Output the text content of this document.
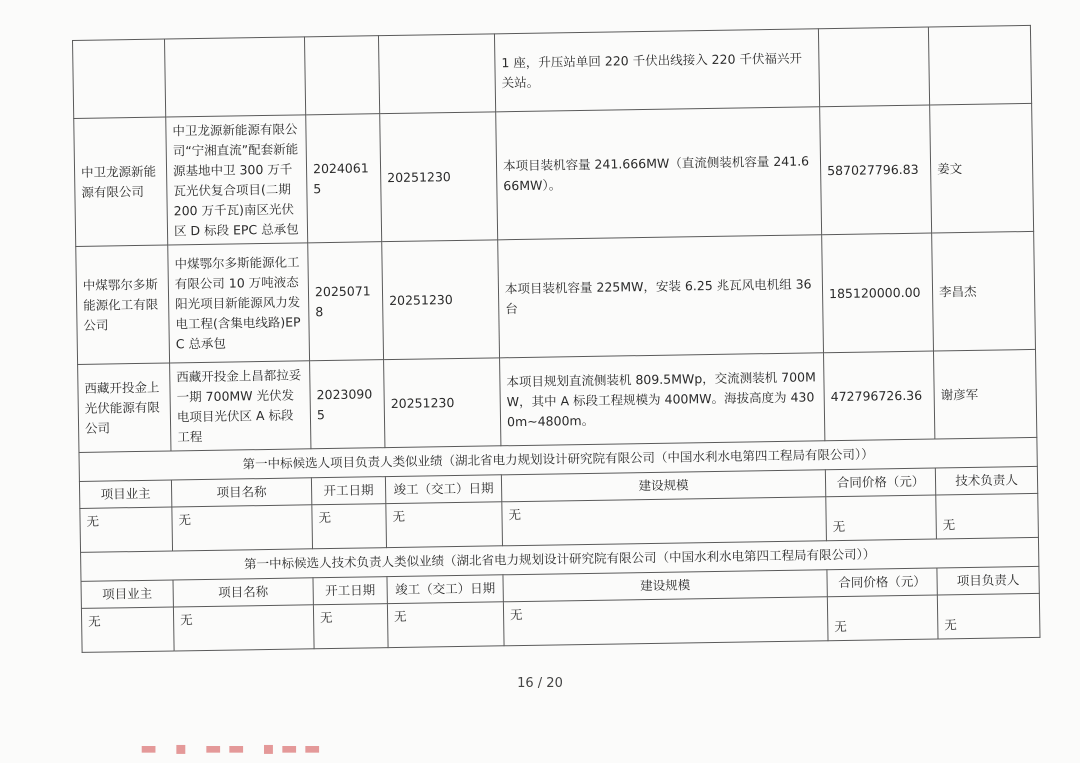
				1 座，升压站单回 220 千伏出线接入 220 千伏福兴开关站。		
中卫龙源新能源有限公司	中卫龙源新能源有限公司“宁湘直流”配套新能源基地中卫 300 万千瓦光伏复合项目(二期 200 万千瓦)南区光伏区 D 标段 EPC 总承包	20240615	20251230	本项目装机容量 241.666MW（直流侧装机容量 241.666MW）。	587027796.83	姜文
中煤鄂尔多斯能源化工有限公司	中煤鄂尔多斯能源化工有限公司 10 万吨液态阳光项目新能源风力发电工程(含集电线路)EPC 总承包	20250718	20251230	本项目装机容量 225MW，安装 6.25 兆瓦风电机组 36 台	185120000.00	李昌杰
西藏开投金上光伏能源有限公司	西藏开投金上昌都拉妥一期 700MW 光伏发电项目光伏区 A 标段工程	20230905	20251230	本项目规划直流侧装机 809.5MWp，交流测装机 700MW，其中 A 标段工程规模为 400MW。海拔高度为 4300m~4800m。	472796726.36	谢彦军
第一中标候选人项目负责人类似业绩（湖北省电力规划设计研究院有限公司（中国水利水电第四工程局有限公司））						
项目业主	项目名称	开工日期	竣工（交工）日期	建设规模	合同价格（元）	技术负责人
无	无	无	无	无	无	无
第一中标候选人技术负责人类似业绩（湖北省电力规划设计研究院有限公司（中国水利水电第四工程局有限公司））						
项目业主	项目名称	开工日期	竣工（交工）日期	建设规模	合同价格（元）	项目负责人
无	无	无	无	无	无	无
16 / 20
▬ ▪ ▬▬ ▪▬▬
